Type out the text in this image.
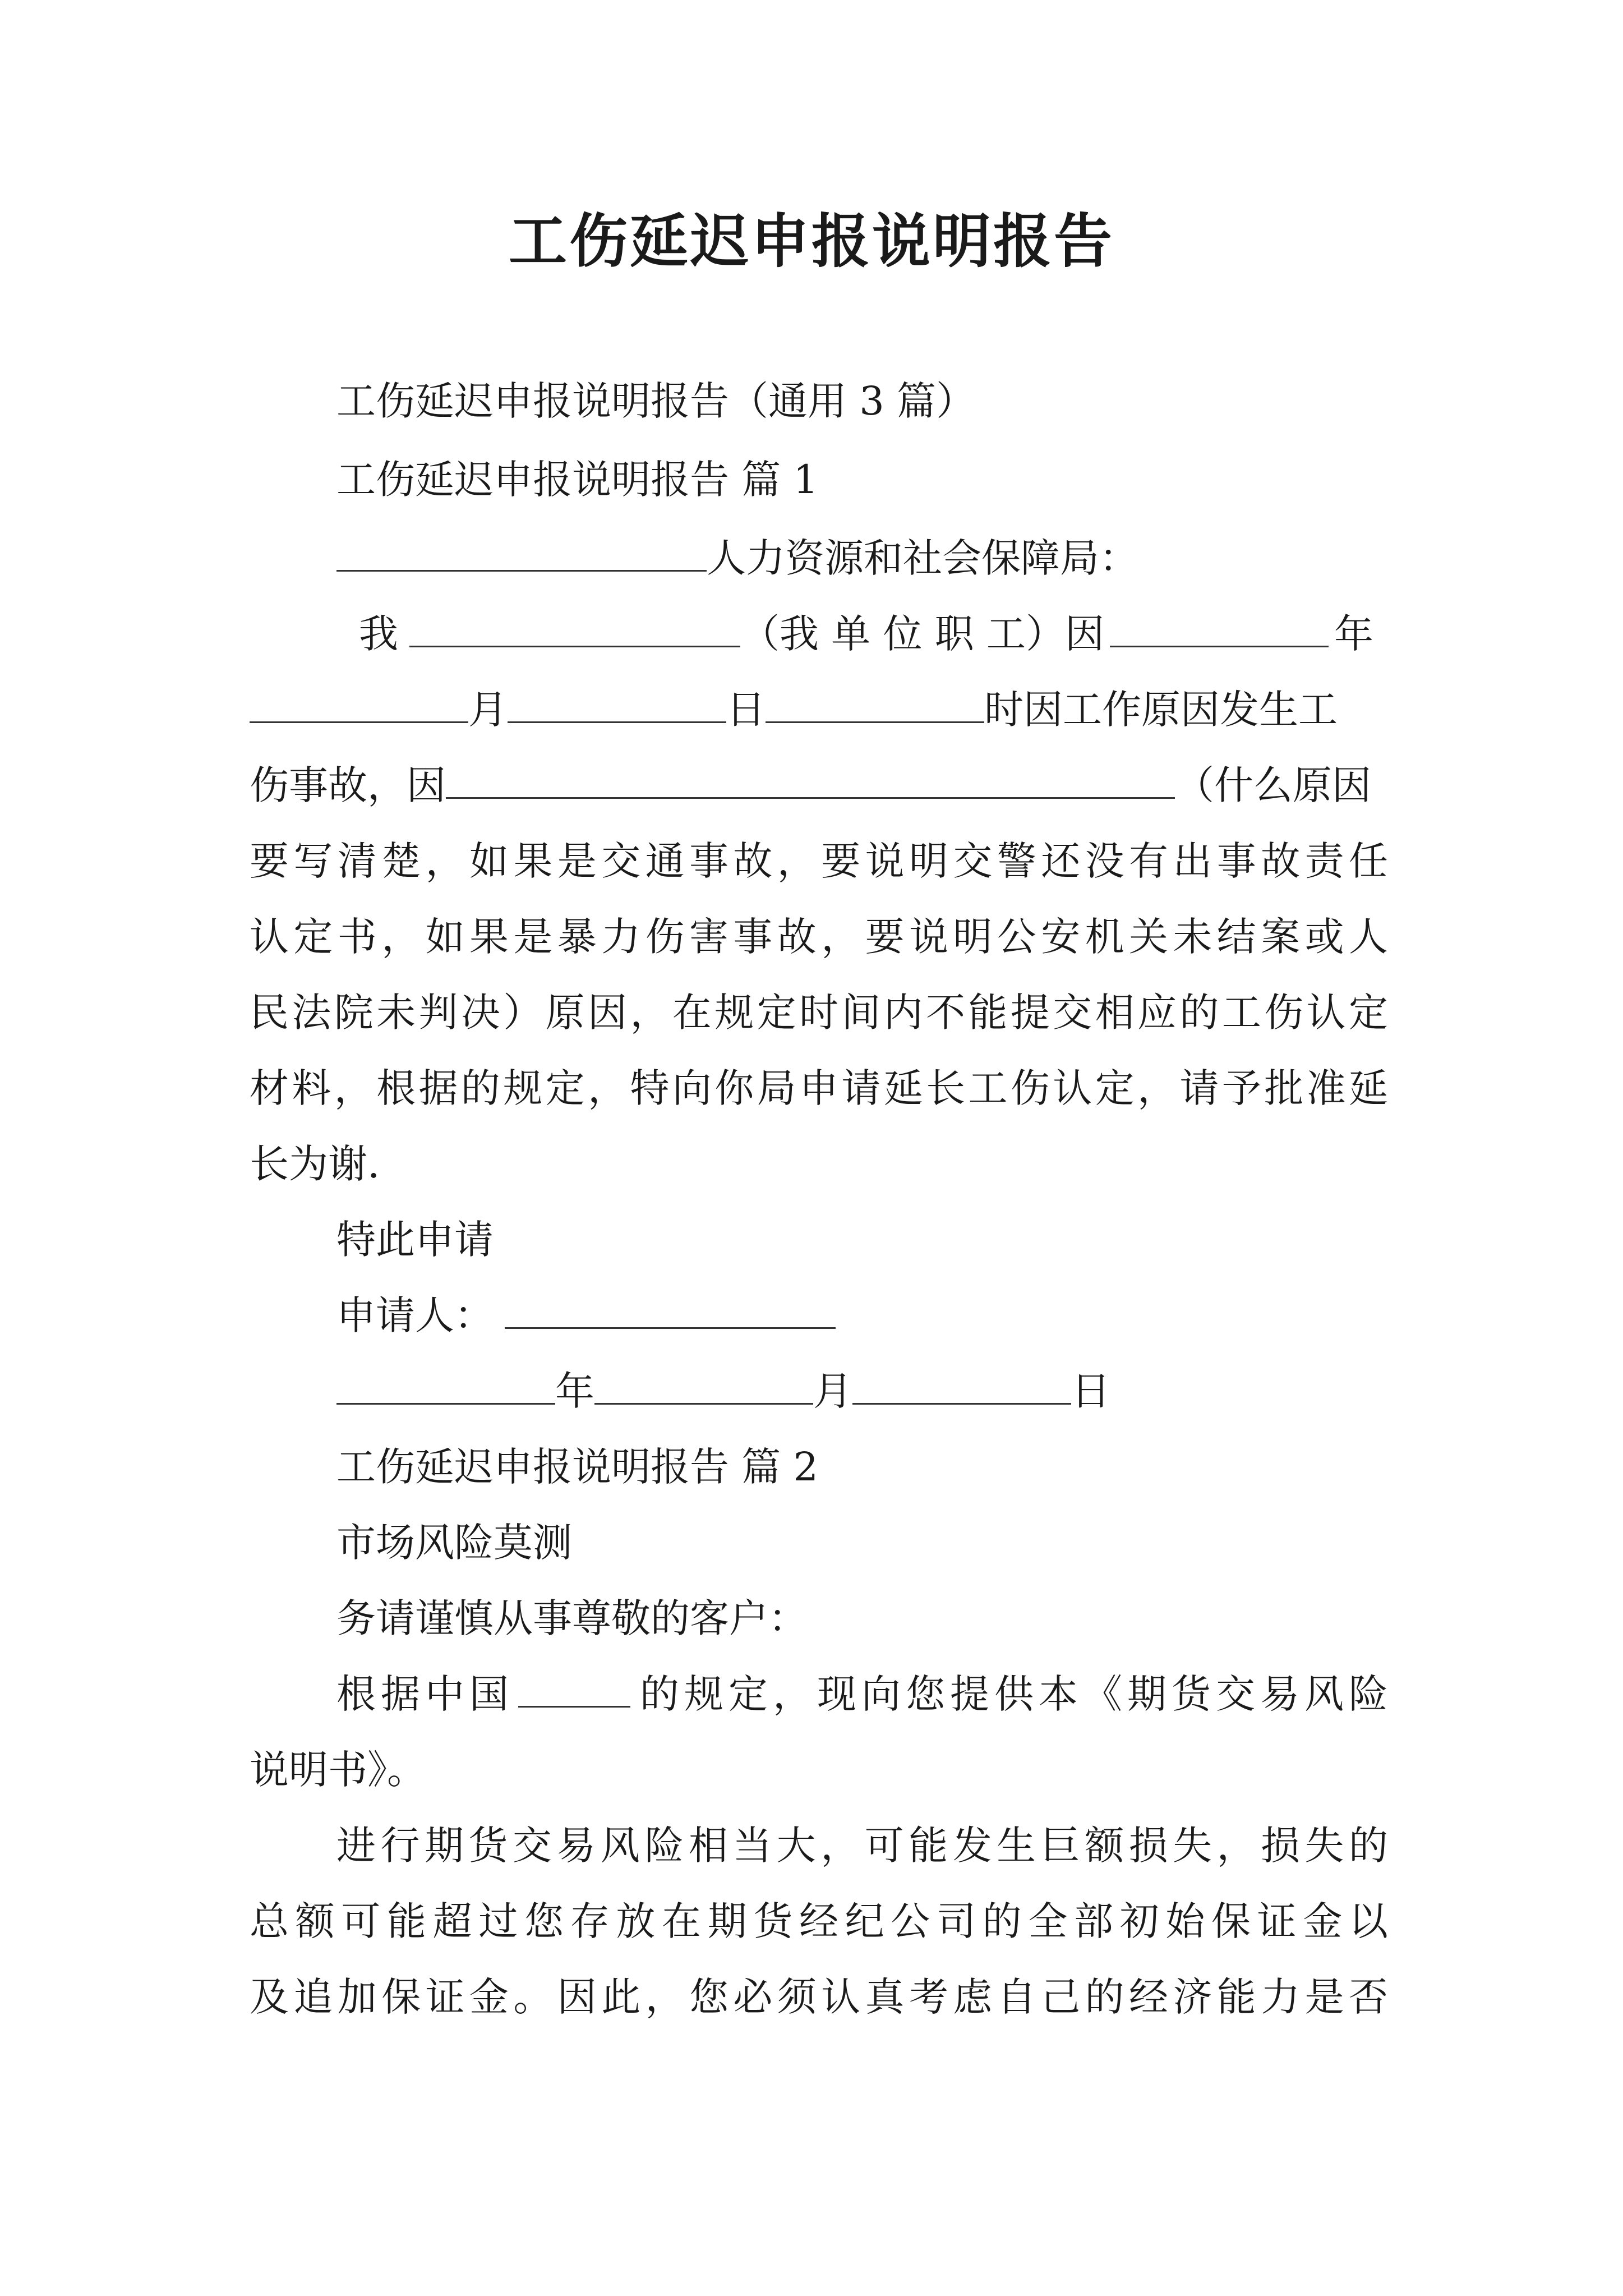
工伤延迟申报说明报告
工伤延迟申报说明报告（通用 3 篇）
工伤延迟申报说明报告 篇 1
人力资源和社会保障局：
我	（我 单 位 职 工）因	年
月	日	时因工作原因发生工
伤事故，因	（什么原因
要写清楚，如果是交通事故，要说明交警还没有出事故责任
认定书，如果是暴力伤害事故，要说明公安机关未结案或人
民法院未判决）原因，在规定时间内不能提交相应的工伤认定
材料，根据的规定，特向你局申请延长工伤认定，请予批准延
长为谢.
特此申请
申请人：
年	月	日
工伤延迟申报说明报告 篇 2
市场风险莫测
务请谨慎从事尊敬的客户：
根据中国	的规定，现向您提供本《期货交易风险
说明书》。
进行期货交易风险相当大，可能发生巨额损失，损失的
总额可能超过您存放在期货经纪公司的全部初始保证金以
及追加保证金。因此，您必须认真考虑自己的经济能力是否
